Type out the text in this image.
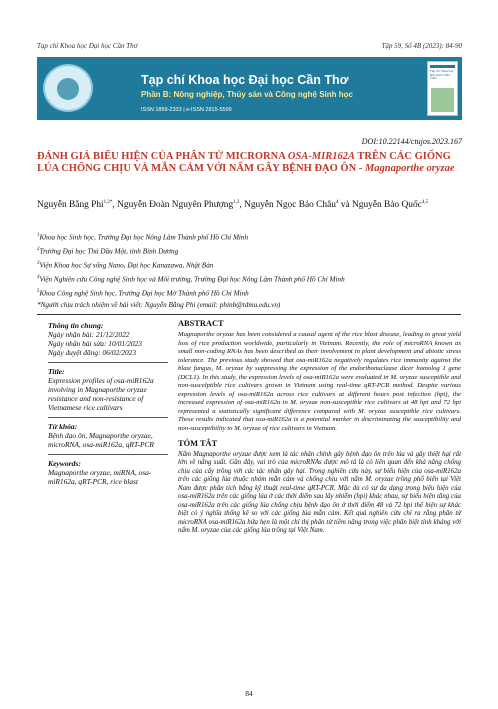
Tạp chí Khoa học Đại học Cần Thơ	Tập 59, Số 4B (2023): 84-90
Tạp chí Khoa học Đại học Cần Thơ
Phần B: Nông nghiệp, Thủy sản và Công nghệ Sinh học
ISSN 1859-2333 | e-ISSN 2815-5599
Tạp chí Khoa học ĐẠI HỌC CẦN THƠ
DOI:10.22144/ctujos.2023.167
ĐÁNH GIÁ BIỂU HIỆN CỦA PHÂN TỬ MICRORNA OSA-MIR162A TRÊN CÁC GIỐNG LÚA CHỐNG CHỊU VÀ MẪN CẢM VỚI NẤM GÂY BỆNH ĐẠO ÔN - Magnaporthe oryzae
Nguyễn Bằng Phi$^{1,2*}$, Nguyễn Đoàn Nguyên Phượng$^{1,3}$, Nguyễn Ngọc Bảo Châu$^4$ và Nguyễn Bảo Quốc$^{4,5}$
$^1$Khoa học Sinh học, Trường Đại học Nông Lâm Thành phố Hồ Chí Minh
$^2$Trường Đại học Thủ Dầu Một, tỉnh Bình Dương
$^3$Viện Khoa học Sự sống Nano, Đại học Kanazawa, Nhật Bản
$^4$Viện Nghiên cứu Công nghệ Sinh học và Môi trường, Trường Đại học Nông Lâm Thành phố Hồ Chí Minh
$^5$Khoa Công nghệ Sinh học, Trường Đại học Mở Thành phố Hồ Chí Minh
*Người chịu trách nhiệm về bài viết: Nguyễn Bằng Phi (email: phinb@tdmu.edu.vn)

Thông tin chung:

Ngày nhận bài: 21/12/2022

Ngày nhận bài sửa: 10/01/2023

Ngày duyệt đăng: 06/02/2023

Title:

Expression profiles of osa-miR162a involving in Magnaporthe oryzae resistance and non-resistance of Vietnamese rice cultivars

Từ khóa:

Bệnh đạo ôn, Magnaporthe oryzae, microRNA, osa-miR162a, qRT-PCR

Keywords:

Magnaporthe oryzae, miRNA, osa-miR162a, qRT-PCR, rice blast

ABSTRACT

Magnaporthe oryzae has been considered a causal agent of the rice blast disease, leading to great yield loss of rice production worldwide, particularly in Vietnam. Recently, the role of microRNA known as small non-coding RNAs has been described as their involvement in plant development and abiotic stress tolerance. The previous study showed that osa-miR162a negatively regulates rice immunity against the blast fungus, M. oryzae by suppressing the expression of the endoribonuclease dicer homolog 1 gene (DCL1). In this study, the expression levels of osa-miR162a were evaluated in M. oryzae susceptible and non-suscelptible rice cultivars grown in Vietnam using real-time qRT-PCR method. Despite various expression levels of osa-miR162a across rice cultivars at different hours post infection (hpi), the increased expression of osa-miR162a in M. oryzae non-susceptible rice cultivars at 48 hpi and 72 hpi represented a statistically significant difference compared with M. oryzae susceptible rice cultivars. These results indicated that osa-miR162a is a potential marker in discriminating the susceptibility and non-susceptibility to M. oryzae of rice cultivars in Vietnam.

TÓM TẮT

Nấm Magnaporthe oryzae được xem là tác nhân chính gây bệnh đạo ôn trên lúa và gây thiệt hại rất lớn về năng suất. Gần đây, vai trò của microRNAs được mô tả là có liên quan đến khả năng chống chịu của cây trồng với các tác nhân gây hại. Trong nghiên cứu này, sự biểu hiện của osa-miR162a trên các giống lúa thuộc nhóm mẫn cảm và chống chịu với nấm M. oryzae trồng phổ biến tại Việt Nam được phân tích bằng kỹ thuật real-time qRT-PCR. Mặc dù có sự đa dạng trong biểu hiện của osa-miR162a trên các giống lúa ở các thời điểm sau lây nhiễm (hpi) khác nhau, sự biểu hiện tăng của osa-miR162a trên các giống lúa chống chịu bệnh đạo ôn ở thời điểm 48 và 72 hpi thể hiện sự khác biệt có ý nghĩa thống kê so với các giống lúa mẫn cảm. Kết quả nghiên cứu chỉ ra rằng phân tử microRNA osa-miR162a hứa hẹn là một chỉ thị phân tử tiềm năng trong việc phân biệt tính kháng với nấm M. oryzae của các giống lúa trồng tại Việt Nam.

84
